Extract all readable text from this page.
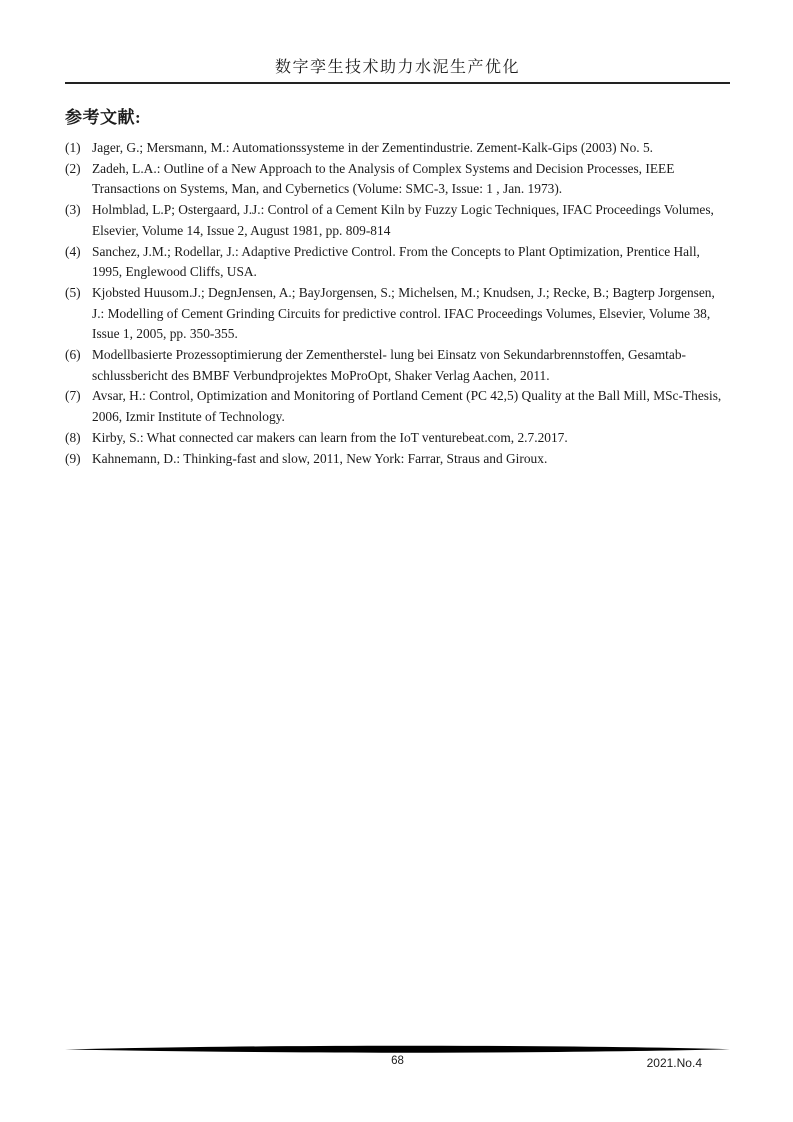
数字孪生技术助力水泥生产优化
参考文献:
(1) Jager, G.; Mersmann, M.: Automationssysteme in der Zementindustrie. Zement-Kalk-Gips (2003) No. 5.
(2) Zadeh, L.A.: Outline of a New Approach to the Analysis of Complex Systems and Decision Processes, IEEE Transactions on Systems, Man, and Cybernetics (Volume: SMC-3, Issue: 1 , Jan. 1973).
(3) Holmblad, L.P; Ostergaard, J.J.: Control of a Cement Kiln by Fuzzy Logic Techniques, IFAC Proceedings Volumes, Elsevier, Volume 14, Issue 2, August 1981, pp. 809-814
(4) Sanchez, J.M.; Rodellar, J.: Adaptive Predictive Control. From the Concepts to Plant Optimization, Prentice Hall, 1995, Englewood Cliffs, USA.
(5) Kjobsted Huusom.J.; DegnJensen, A.; BayJorgensen, S.; Michelsen, M.; Knudsen, J.; Recke, B.; Bagterp Jorgensen, J.: Modelling of Cement Grinding Circuits for predictive control. IFAC Proceedings Volumes, Elsevier, Volume 38, Issue 1, 2005, pp. 350-355.
(6) Modellbasierte Prozessoptimierung der Zementherstel- lung bei Einsatz von Sekundarbrennstoffen, Gesamtab-schlussbericht des BMBF Verbundprojektes MoProOpt, Shaker Verlag Aachen, 2011.
(7) Avsar, H.: Control, Optimization and Monitoring of Portland Cement (PC 42,5) Quality at the Ball Mill, MSc-Thesis, 2006, Izmir Institute of Technology.
(8) Kirby, S.: What connected car makers can learn from the IoT venturebeat.com, 2.7.2017.
(9) Kahnemann, D.: Thinking-fast and slow, 2011, New York: Farrar, Straus and Giroux.
68	2021.No.4
